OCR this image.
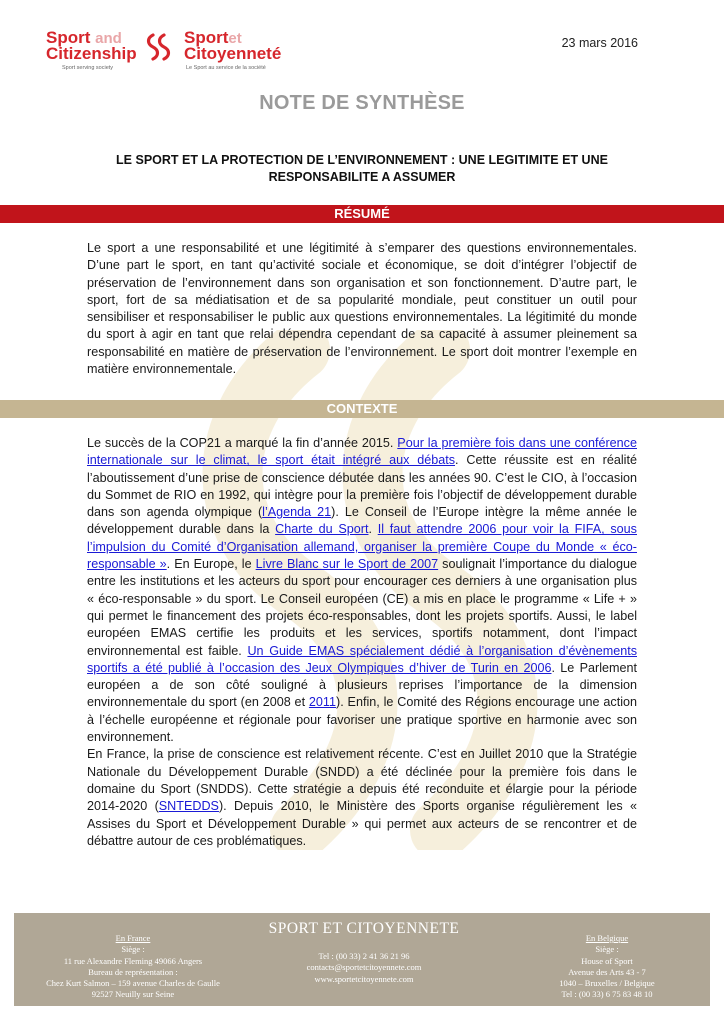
Sport and
Citizenship
Sport serving society
Sportet
Citoyenneté
Le Sport au service de la société
23 mars 2016
NOTE DE SYNTHÈSE
LE SPORT ET LA PROTECTION DE L’ENVIRONNEMENT : UNE LEGITIMITE ET UNE
RESPONSABILITE A ASSUMER
RÉSUMÉ

Le sport a une responsabilité et une légitimité à s’emparer des questions environnementales. D’une part le sport, en tant qu’activité sociale et économique, se doit d’intégrer l’objectif de préservation de l’environnement dans son organisation et son fonctionnement. D’autre part, le sport, fort de sa médiatisation et de sa popularité mondiale, peut constituer un outil pour sensibiliser et responsabiliser le public aux questions environnementales. La légitimité du monde du sport à agir en tant que relai dépendra cependant de sa capacité à assumer pleinement sa responsabilité en matière de préservation de l’environnement. Le sport doit montrer l’exemple en matière environnementale.

CONTEXTE

Le succès de la COP21 a marqué la fin d’année 2015. Pour la première fois dans une conférence internationale sur le climat, le sport était intégré aux débats. Cette réussite est en réalité l’aboutissement d’une prise de conscience débutée dans les années 90. C’est le CIO, à l’occasion du Sommet de RIO en 1992, qui intègre pour la première fois l’objectif de développement durable dans son agenda olympique (l’Agenda 21). Le Conseil de l’Europe intègre la même année le développement durable dans la Charte du Sport. Il faut attendre 2006 pour voir la FIFA, sous l’impulsion du Comité d’Organisation allemand, organiser la première Coupe du Monde « éco-responsable ». En Europe, le Livre Blanc sur le Sport de 2007 soulignait l’importance du dialogue entre les institutions et les acteurs du sport pour encourager ces derniers à une organisation plus « éco-responsable » du sport. Le Conseil européen (CE) a mis en place le programme « Life + » qui permet le financement des projets éco-responsables, dont les projets sportifs. Aussi, le label européen EMAS certifie les produits et les services, sportifs notamment, dont l’impact environnemental est faible. Un Guide EMAS spécialement dédié à l’organisation d’évènements sportifs a été publié à l’occasion des Jeux Olympiques d’hiver de Turin en 2006. Le Parlement européen a de son côté souligné à plusieurs reprises l’importance de la dimension environnementale du sport (en 2008 et 2011). Enfin, le Comité des Régions encourage une action à l’échelle européenne et régionale pour favoriser une pratique sportive en harmonie avec son environnement.

En France, la prise de conscience est relativement récente. C’est en Juillet 2010 que la Stratégie Nationale du Développement Durable (SNDD) a été déclinée pour la première fois dans le domaine du Sport (SNDDS). Cette stratégie a depuis été reconduite et élargie pour la période 2014-2020 (SNTEDDS). Depuis 2010, le Ministère des Sports organise régulièrement les « Assises du Sport et Développement Durable » qui permet aux acteurs de se rencontrer et de débattre autour de ces problématiques.

En France
Siège :
11 rue Alexandre Fleming 49066 Angers
Bureau de représentation :
Chez Kurt Salmon – 159 avenue Charles de Gaulle
92527 Neuilly sur Seine
SPORT ET CITOYENNETE
Tel : (00 33) 2 41 36 21 96
contacts@sportetcitoyennete.com
www.sportetcitoyennete.com
En Belgique
Siège :
House of Sport
Avenue des Arts 43 - 7
1040 – Bruxelles / Belgique
Tel : (00 33) 6 75 83 48 10
